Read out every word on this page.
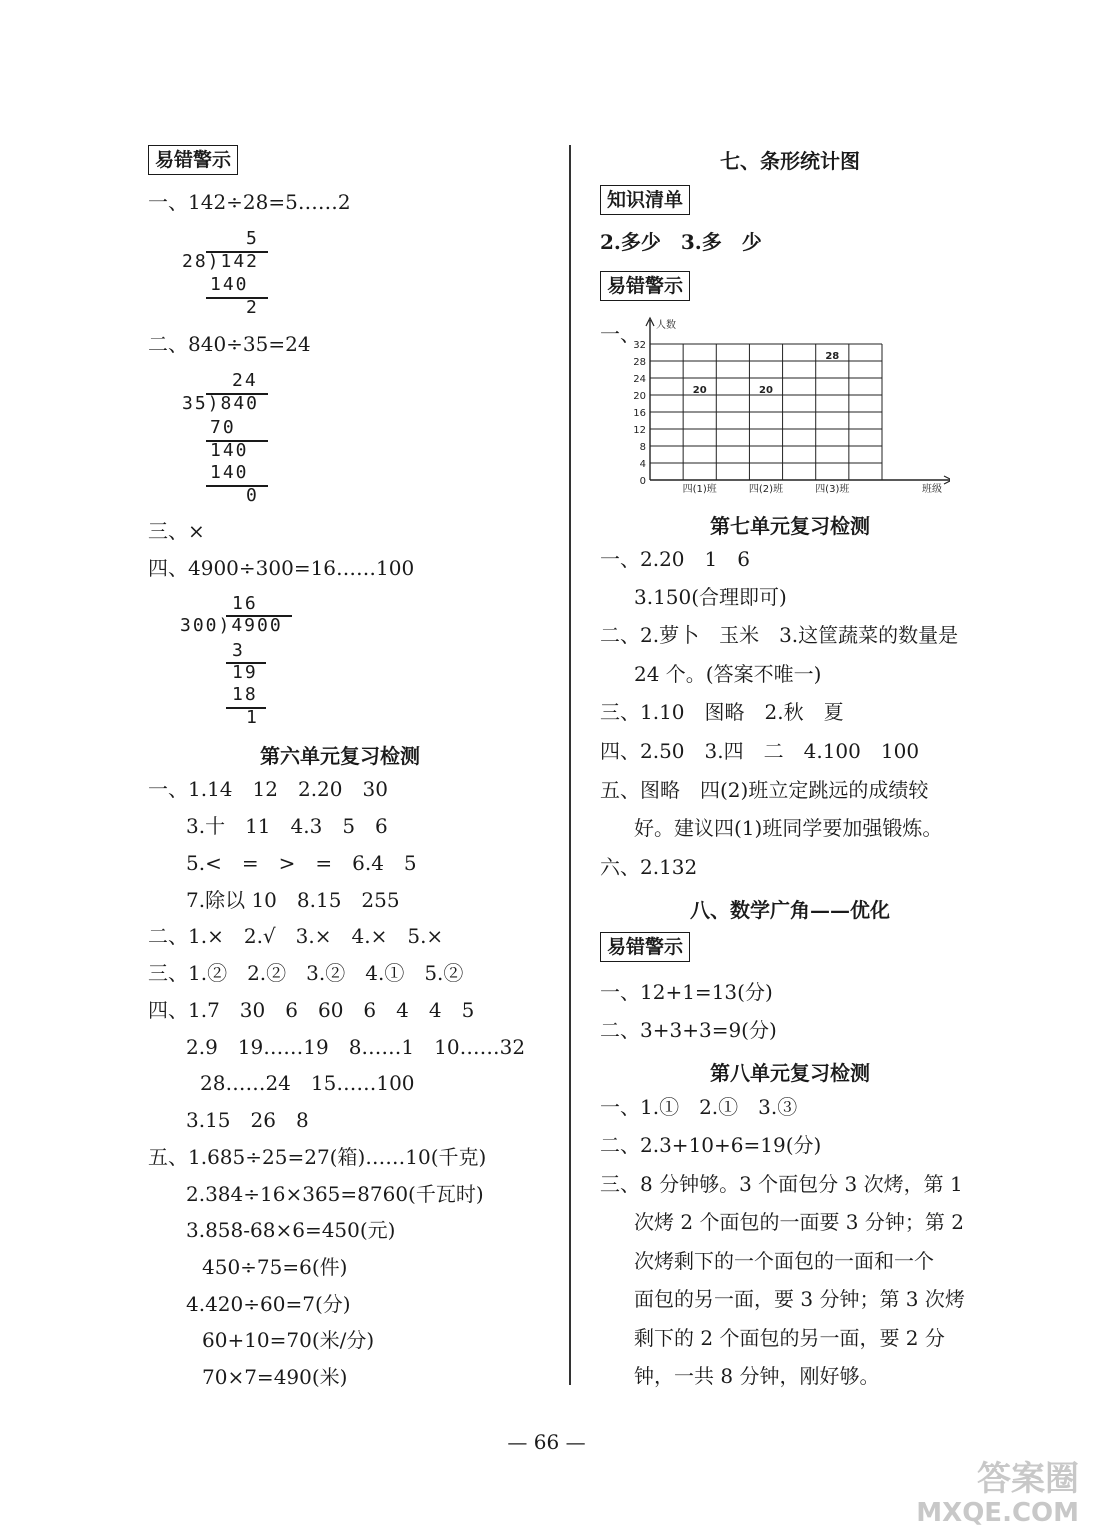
易错警示
一、142÷28=5……2
5
28)142
140
2
二、840÷35=24
24
35)840
70
140
140
0
三、×
四、4900÷300=16……100
16
300)4900
3
19
18
1
第六单元复习检测
一、1.14　12　2.20　30
3.十　11　4.3　5　6
5.<　=　>　=　6.4　5
7.除以 10　8.15　255
二、1.×　2.√　3.×　4.×　5.×
三、1.②　2.②　3.②　4.①　5.②
四、1.7　30　6　60　6　4　4　5
2.9　19……19　8……1　10……32
28……24　15……100
3.15　26　8
五、1.685÷25=27(箱)……10(千克)
2.384÷16×365=8760(千瓦时)
3.858-68×6=450(元)
450÷75=6(件)
4.420÷60=7(分)
60+10=70(米/分)
70×7=490(米)
七、条形统计图
知识清单
2.多少　3.多　少
易错警示
一、
0
4
8
12
16
20
24
28
32
人数
班级
四(1)班
20
四(2)班
20
四(3)班
28
第七单元复习检测
一、2.20　1　6
3.150(合理即可)
二、2.萝卜　玉米　3.这筐蔬菜的数量是
24 个。(答案不唯一)
三、1.10　图略　2.秋　夏
四、2.50　3.四　二　4.100　100
五、图略　四(2)班立定跳远的成绩较
好。建议四(1)班同学要加强锻炼。
六、2.132
八、数学广角——优化
易错警示
一、12+1=13(分)
二、3+3+3=9(分)
第八单元复习检测
一、1.①　2.①　3.③
二、2.3+10+6=19(分)
三、8 分钟够。3 个面包分 3 次烤，第 1
次烤 2 个面包的一面要 3 分钟；第 2
次烤剩下的一个面包的一面和一个
面包的另一面，要 3 分钟；第 3 次烤
剩下的 2 个面包的另一面，要 2 分
钟，一共 8 分钟，刚好够。
— 66 —
答案圈
MXQE.COM
